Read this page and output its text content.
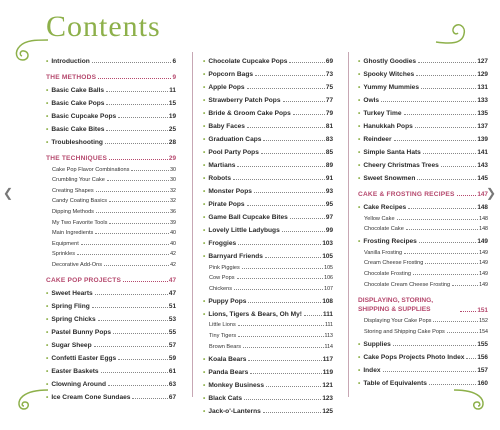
Contents
❮	❯
• Introduction	6
THE METHODS	9
• Basic Cake Balls	11
• Basic Cake Pops	15
• Basic Cupcake Pops	19
• Basic Cake Bites	25
• Troubleshooting	28
THE TECHNIQUES	29
Cake Pop Flavor Combinations	30
Crumbling Your Cake	30
Creating Shapes	32
Candy Coating Basics	32
Dipping Methods	36
My Two Favorite Tools	39
Main Ingredients	40
Equipment	40
Sprinkles	42
Decorative Add-Ons	42
CAKE POP PROJECTS	47
• Sweet Hearts	47
• Spring Fling	51
• Spring Chicks	53
• Pastel Bunny Pops	55
• Sugar Sheep	57
• Confetti Easter Eggs	59
• Easter Baskets	61
• Clowning Around	63
• Ice Cream Cone Sundaes	67
• Chocolate Cupcake Pops	69
• Popcorn Bags	73
• Apple Pops	75
• Strawberry Patch Pops	77
• Bride & Groom Cake Pops	79
• Baby Faces	81
• Graduation Caps	83
• Pool Party Pops	85
• Martians	89
• Robots	91
• Monster Pops	93
• Pirate Pops	95
• Game Ball Cupcake Bites	97
• Lovely Little Ladybugs	99
• Froggies	103
• Barnyard Friends	105
Pink Piggies	105
Cow Pops	106
Chickens	107
• Puppy Pops	108
• Lions, Tigers & Bears, Oh My!	111
Little Lions	111
Tiny Tigers	113
Brown Bears	114
• Koala Bears	117
• Panda Bears	119
• Monkey Business	121
• Black Cats	123
• Jack-o'-Lanterns	125
• Ghostly Goodies	127
• Spooky Witches	129
• Yummy Mummies	131
• Owls	133
• Turkey Time	135
• Hanukkah Pops	137
• Reindeer	139
• Simple Santa Hats	141
• Cheery Christmas Trees	143
• Sweet Snowmen	145
CAKE & FROSTING RECIPES	147
• Cake Recipes	148
Yellow Cake	148
Chocolate Cake	148
• Frosting Recipes	149
Vanilla Frosting	149
Cream Cheese Frosting	149
Chocolate Frosting	149
Chocolate Cream Cheese Frosting	149
DISPLAYING, STORING, SHIPPING & SUPPLIES	151
Displaying Your Cake Pops	152
Storing and Shipping Cake Pops	154
• Supplies	155
• Cake Pops Projects Photo Index 156
• Index	157
• Table of Equivalents	160
